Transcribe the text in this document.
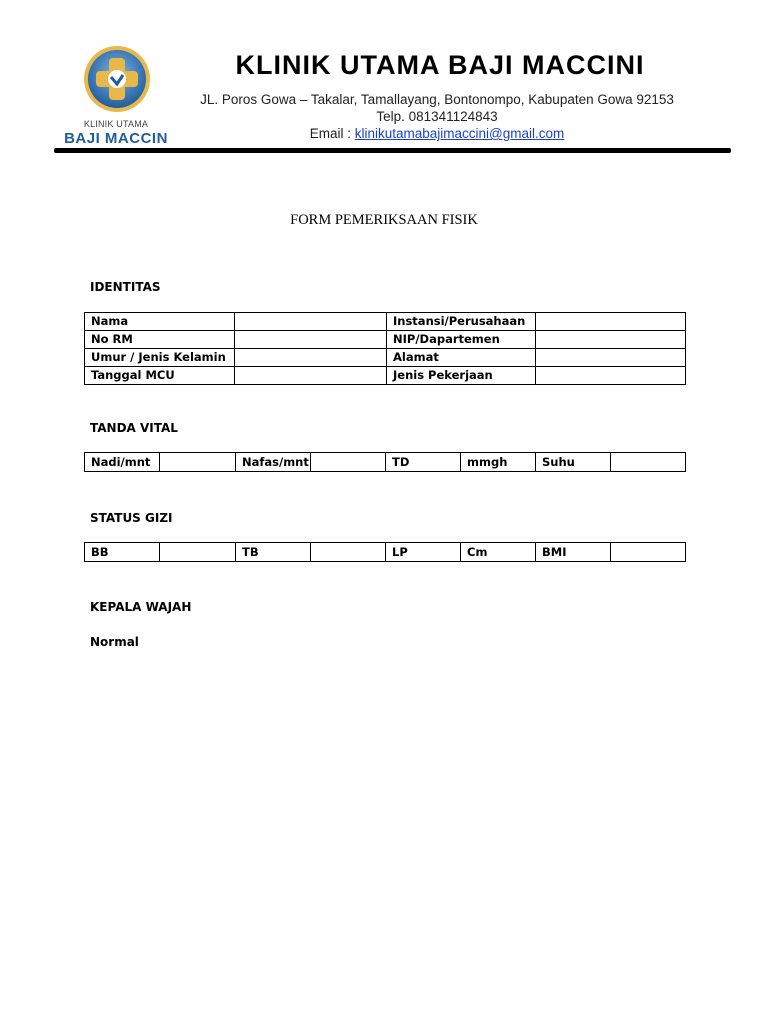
KLINIK UTAMA
BAJI MACCIN
KLINIK UTAMA BAJI MACCINI
JL. Poros Gowa – Takalar, Tamallayang, Bontonompo, Kabupaten Gowa 92153
Telp. 081341124843
Email : klinikutamabajimaccini@gmail.com
FORM PEMERIKSAAN FISIK
IDENTITAS
Nama		Instansi/Perusahaan	
No RM		NIP/Dapartemen	
Umur / Jenis Kelamin		Alamat	
Tanggal MCU		Jenis Pekerjaan	
TANDA VITAL
Nadi/mnt		Nafas/mnt		TD	mmgh	Suhu	
STATUS GIZI
BB		TB		LP	Cm	BMI	
KEPALA WAJAH
Normal
